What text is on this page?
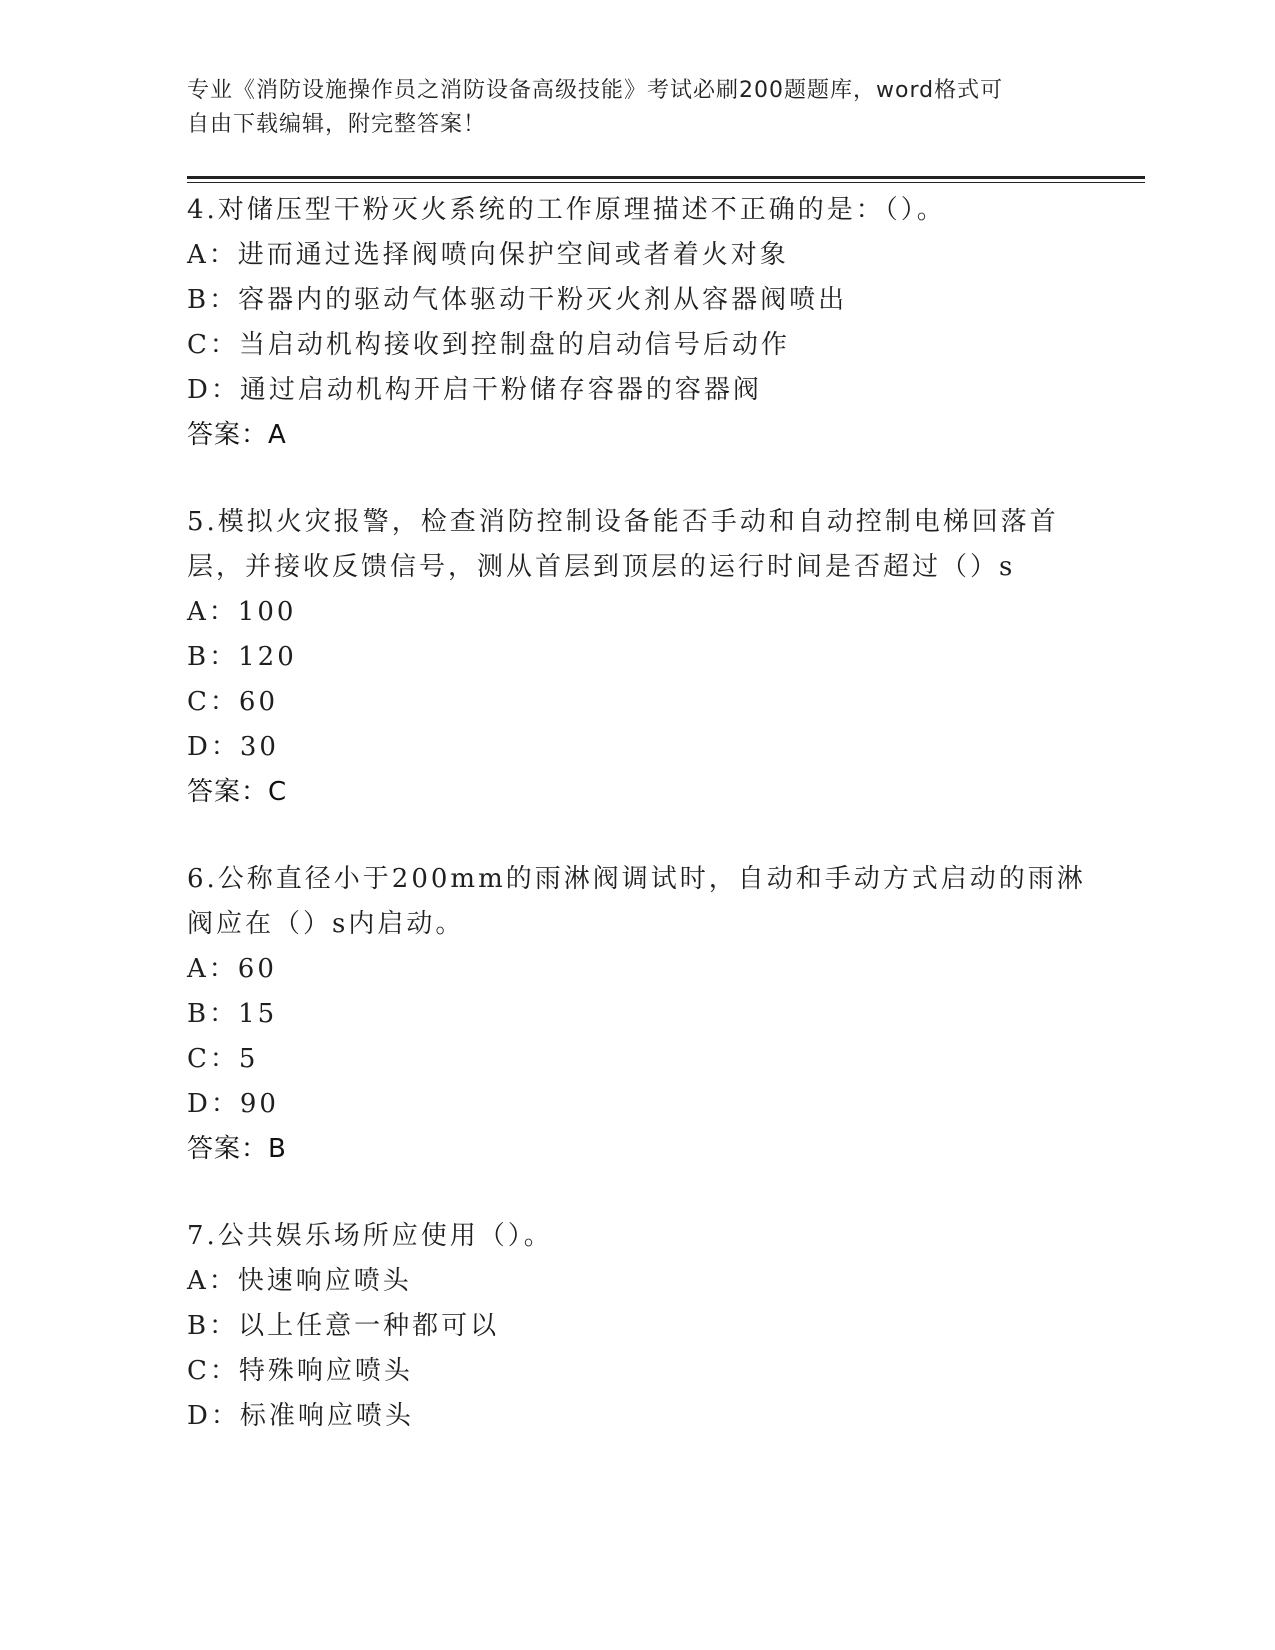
专业《消防设施操作员之消防设备高级技能》考试必刷200题题库，word格式可
自由下载编辑，附完整答案！

4.对储压型干粉灭火系统的工作原理描述不正确的是：（）。

A：进而通过选择阀喷向保护空间或者着火对象
B：容器内的驱动气体驱动干粉灭火剂从容器阀喷出
C：当启动机构接收到控制盘的启动信号后动作
D：通过启动机构开启干粉储存容器的容器阀
答案：A

5.模拟火灾报警，检查消防控制设备能否手动和自动控制电梯回落首层，并接收反馈信号，测从首层到顶层的运行时间是否超过（）s

A：100
B：120
C：60
D：30
答案：C

6.公称直径小于200mm的雨淋阀调试时，自动和手动方式启动的雨淋阀应在（）s内启动。

A：60
B：15
C：5
D：90
答案：B

7.公共娱乐场所应使用（）。

A：快速响应喷头
B：以上任意一种都可以
C：特殊响应喷头
D：标准响应喷头
